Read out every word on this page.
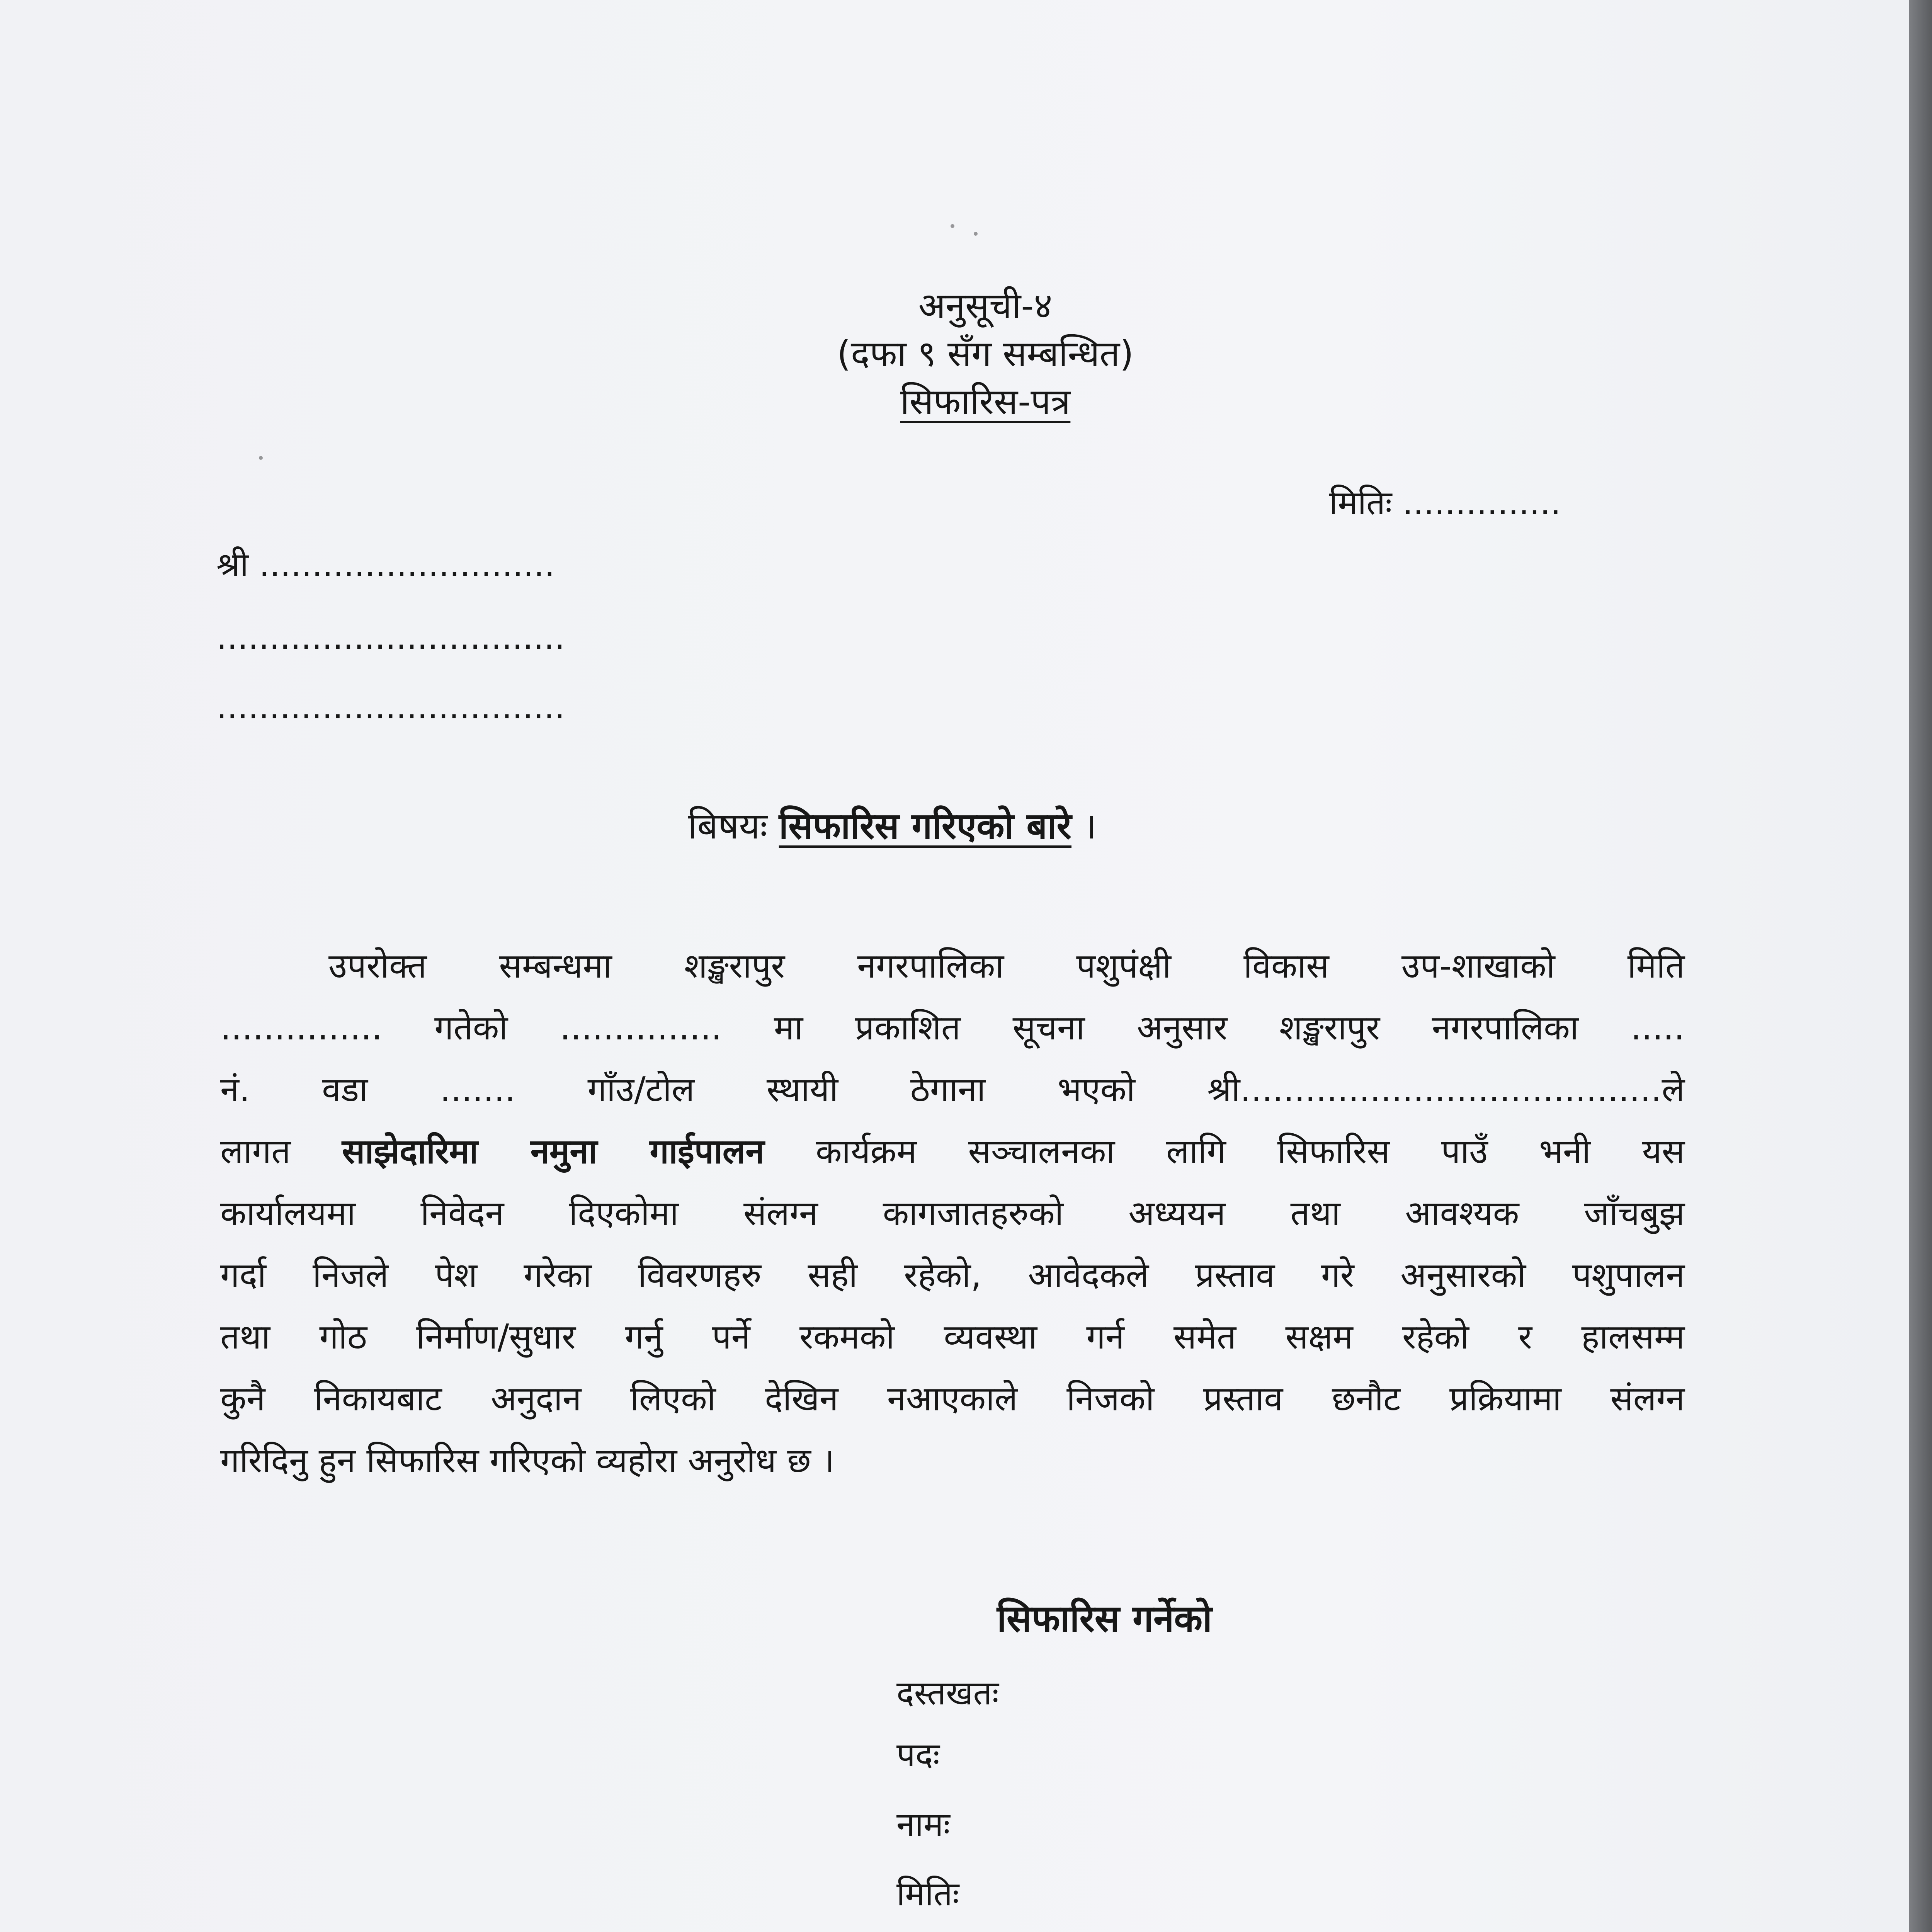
अनुसूची-४
(दफा ९ सँग सम्बन्धित)
सिफारिस-पत्र
मितिः ...............
श्री ............................
.................................
.................................
बिषयः सिफारिस गरिएको बारे ।
उपरोक्त सम्बन्धमा शङ्खरापुर नगरपालिका पशुपंक्षी विकास उप-शाखाको मिति
............... गतेको ............... मा प्रकाशित सूचना अनुसार शङ्खरापुर नगरपालिका .....
नं. वडा ....... गाँउ/टोल स्थायी ठेगाना भएको श्री.......................................ले
लागत साझेदारिमा नमुना गाईपालन कार्यक्रम सञ्चालनका लागि सिफारिस पाउँ भनी यस
कार्यालयमा निवेदन दिएकोमा संलग्न कागजातहरुको अध्ययन तथा आवश्यक जाँचबुझ
गर्दा निजले पेश गरेका विवरणहरु सही रहेको, आवेदकले प्रस्ताव गरे अनुसारको पशुपालन
तथा गोठ निर्माण/सुधार गर्नु पर्ने रकमको व्यवस्था गर्न समेत सक्षम रहेको र हालसम्म
कुनै निकायबाट अनुदान लिएको देखिन नआएकाले निजको प्रस्ताव छनौट प्रक्रियामा संलग्न
गरिदिनु हुन सिफारिस गरिएको व्यहोरा अनुरोध छ ।
सिफारिस गर्नेको
दस्तखतः
पदः
नामः
मितिः
